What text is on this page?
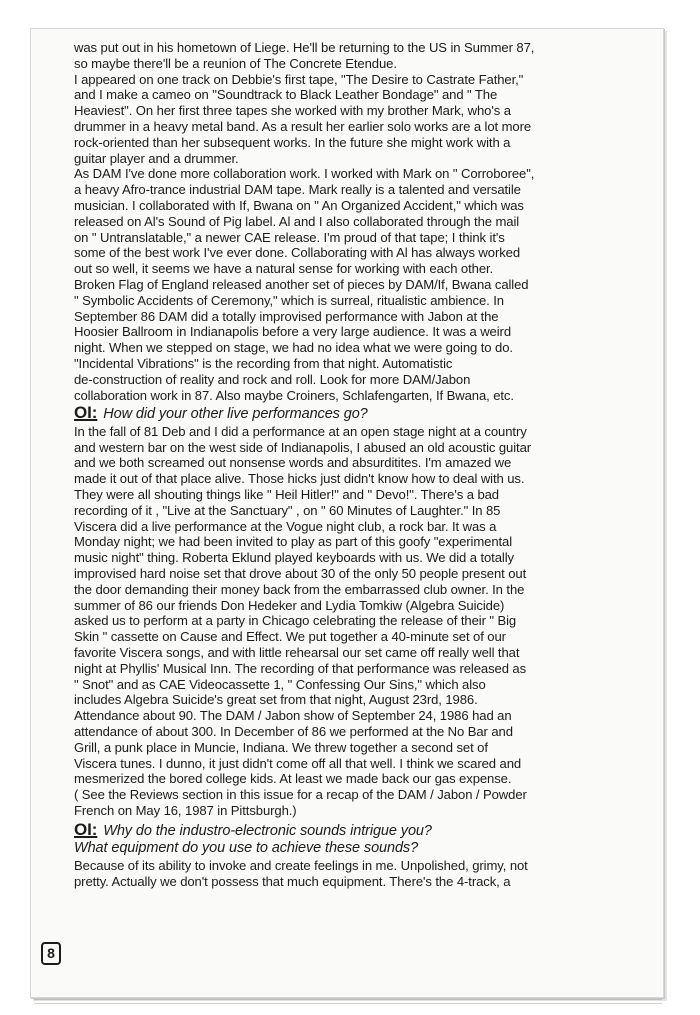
was put out in his hometown of Liege. He'll be returning to the US in Summer 87,

so maybe there'll be a reunion of The Concrete Etendue.

I appeared on one track on Debbie's first tape, "The Desire to Castrate Father,"

and I make a cameo on "Soundtrack to Black Leather Bondage" and " The

Heaviest". On her first three tapes she worked with my brother Mark, who's a

drummer in a heavy metal band. As a result her earlier solo works are a lot more

rock-oriented than her subsequent works. In the future she might work with a

guitar player and a drummer.

As DAM I've done more collaboration work. I worked with Mark on " Corroboree",

a heavy Afro-trance industrial DAM tape. Mark really is a talented and versatile

musician. I collaborated with If, Bwana on " An Organized Accident," which was

released on Al's Sound of Pig label. Al and I also collaborated through the mail

on " Untranslatable," a newer CAE release. I'm proud of that tape; I think it's

some of the best work I've ever done. Collaborating with Al has always worked

out so well, it seems we have a natural sense for working with each other.

Broken Flag of England released another set of pieces by DAM/If, Bwana called

" Symbolic Accidents of Ceremony," which is surreal, ritualistic ambience. In

September 86 DAM did a totally improvised performance with Jabon at the

Hoosier Ballroom in Indianapolis before a very large audience. It was a weird

night. When we stepped on stage, we had no idea what we were going to do.

"Incidental Vibrations" is the recording from that night. Automatistic

de-construction of reality and rock and roll. Look for more DAM/Jabon

collaboration work in 87. Also maybe Croiners, Schlafengarten, If Bwana, etc.

OI: How did your other live performances go?

In the fall of 81 Deb and I did a performance at an open stage night at a country

and western bar on the west side of Indianapolis, I abused an old acoustic guitar

and we both screamed out nonsense words and absurditites. I'm amazed we

made it out of that place alive. Those hicks just didn't know how to deal with us.

They were all shouting things like " Heil Hitler!" and " Devo!". There's a bad

recording of it , "Live at the Sanctuary" , on " 60 Minutes of Laughter." In 85

Viscera did a live performance at the Vogue night club, a rock bar. It was a

Monday night; we had been invited to play as part of this goofy "experimental

music night" thing. Roberta Eklund played keyboards with us. We did a totally

improvised hard noise set that drove about 30 of the only 50 people present out

the door demanding their money back from the embarrassed club owner. In the

summer of 86 our friends Don Hedeker and Lydia Tomkiw (Algebra Suicide)

asked us to perform at a party in Chicago celebrating the release of their " Big

Skin " cassette on Cause and Effect. We put together a 40-minute set of our

favorite Viscera songs, and with little rehearsal our set came off really well that

night at Phyllis' Musical Inn. The recording of that performance was released as

" Snot" and as CAE Videocassette 1, " Confessing Our Sins," which also

includes Algebra Suicide's great set from that night, August 23rd, 1986.

Attendance about 90. The DAM / Jabon show of September 24, 1986 had an

attendance of about 300. In December of 86 we performed at the No Bar and

Grill, a punk place in Muncie, Indiana. We threw together a second set of

Viscera tunes. I dunno, it just didn't come off all that well. I think we scared and

mesmerized the bored college kids. At least we made back our gas expense.

( See the Reviews section in this issue for a recap of the DAM / Jabon / Powder

French on May 16, 1987 in Pittsburgh.)

OI: Why do the industro-electronic sounds intrigue you?
What equipment do you use to achieve these sounds?

Because of its ability to invoke and create feelings in me. Unpolished, grimy, not

pretty. Actually we don't possess that much equipment. There's the 4-track, a

8
